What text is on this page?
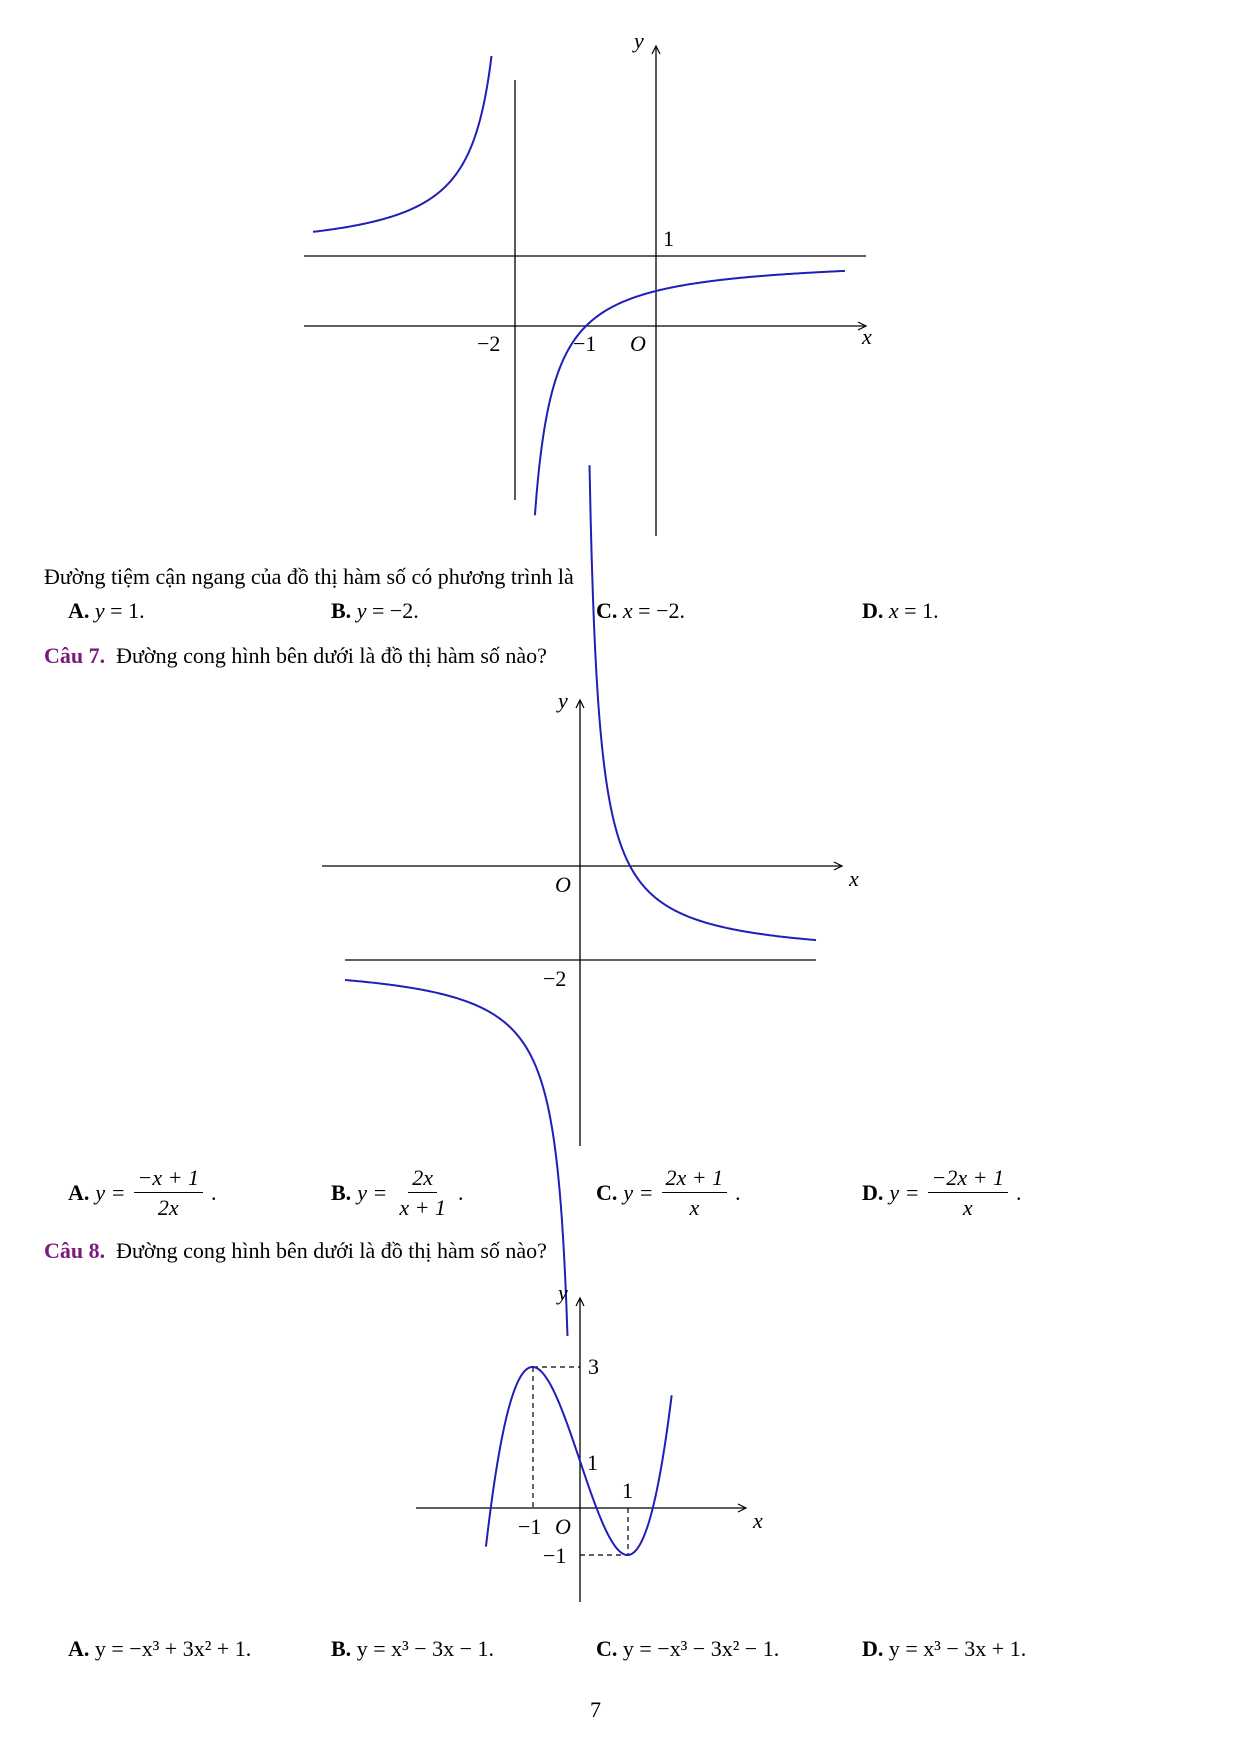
y
x
1
−2	−1 O
Đường tiệm cận ngang của đồ thị hàm số có phương trình là
A. y = 1.	B. y = −2.	C. x = −2.	D. x = 1.
Câu 7. Đường cong hình bên dưới là đồ thị hàm số nào?
y
x
O
−2
A. $y = \frac{-x + 1}{2x}$ .	B. $y = \frac{2x}{x + 1}$ .	C. $y = \frac{2x + 1}{x}$ .	D. $y = \frac{-2x + 1}{x}$ .
Câu 8. Đường cong hình bên dưới là đồ thị hàm số nào?
y
x
3
1
1
−1 O
−1
A. y = −x³ + 3x² + 1.	B. y = x³ − 3x − 1.	C. y = −x³ − 3x² − 1.	D. y = x³ − 3x + 1.
7
